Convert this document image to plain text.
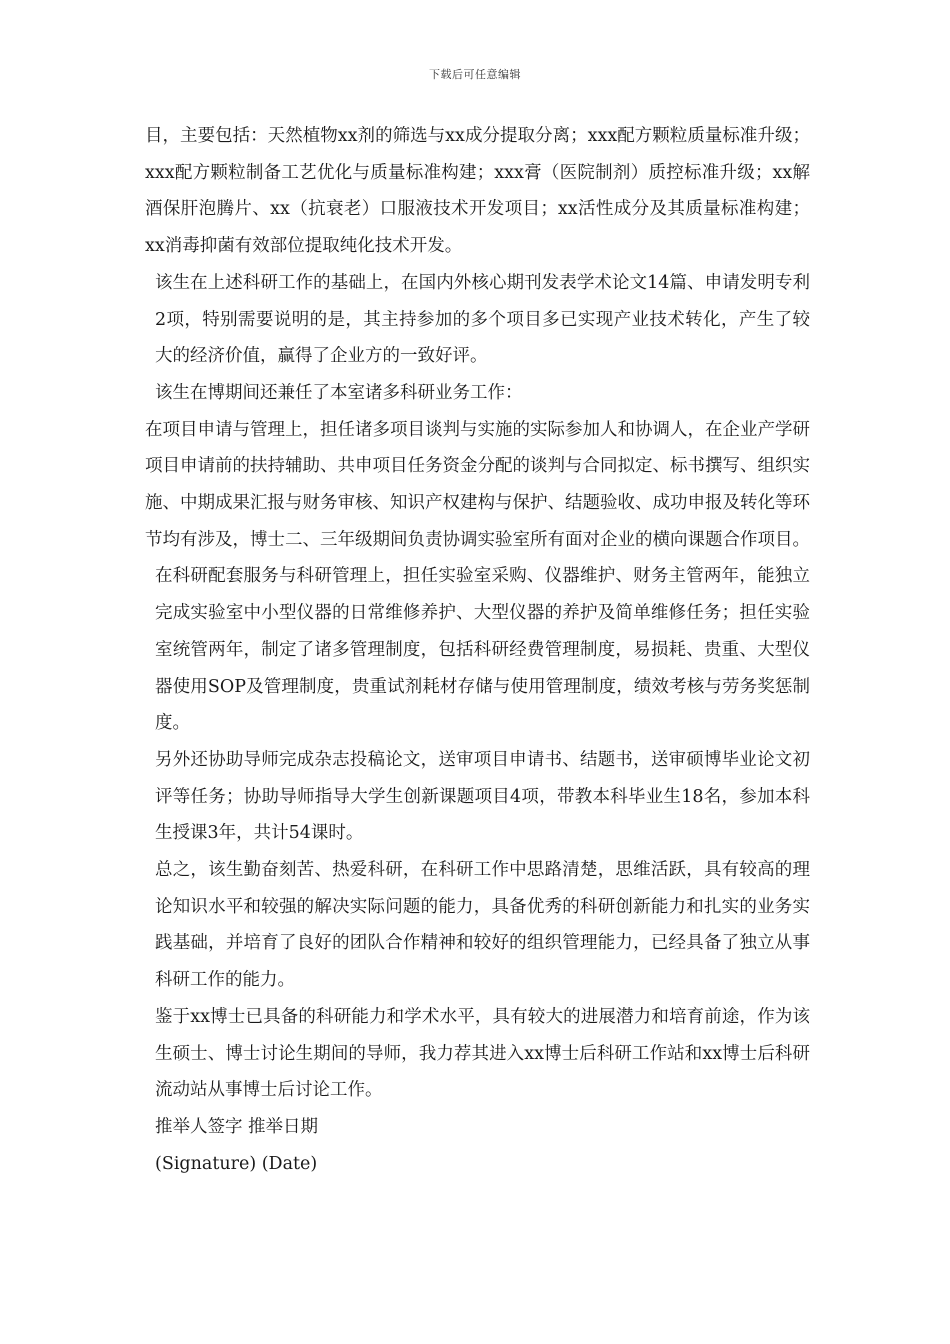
下载后可任意编辑

目，主要包括：天然植物xx剂的筛选与xx成分提取分离；xxx配方颗粒质量标准升级；xxx配方颗粒制备工艺优化与质量标准构建；xxx膏（医院制剂）质控标准升级；xx解酒保肝泡腾片、xx（抗衰老）口服液技术开发项目；xx活性成分及其质量标准构建；xx消毒抑菌有效部位提取纯化技术开发。

该生在上述科研工作的基础上，在国内外核心期刊发表学术论文14篇、申请发明专利2项，特别需要说明的是，其主持参加的多个项目多已实现产业技术转化，产生了较大的经济价值，赢得了企业方的一致好评。

该生在博期间还兼任了本室诸多科研业务工作：

在项目申请与管理上，担任诸多项目谈判与实施的实际参加人和协调人，在企业产学研项目申请前的扶持辅助、共申项目任务资金分配的谈判与合同拟定、标书撰写、组织实施、中期成果汇报与财务审核、知识产权建构与保护、结题验收、成功申报及转化等环节均有涉及，博士二、三年级期间负责协调实验室所有面对企业的横向课题合作项目。

在科研配套服务与科研管理上，担任实验室采购、仪器维护、财务主管两年，能独立完成实验室中小型仪器的日常维修养护、大型仪器的养护及简单维修任务；担任实验室统管两年，制定了诸多管理制度，包括科研经费管理制度，易损耗、贵重、大型仪器使用SOP及管理制度，贵重试剂耗材存储与使用管理制度，绩效考核与劳务奖惩制度。

另外还协助导师完成杂志投稿论文，送审项目申请书、结题书，送审硕博毕业论文初评等任务；协助导师指导大学生创新课题项目4项，带教本科毕业生18名，参加本科生授课3年，共计54课时。

总之，该生勤奋刻苦、热爱科研，在科研工作中思路清楚，思维活跃，具有较高的理论知识水平和较强的解决实际问题的能力，具备优秀的科研创新能力和扎实的业务实践基础，并培育了良好的团队合作精神和较好的组织管理能力，已经具备了独立从事科研工作的能力。

鉴于xx博士已具备的科研能力和学术水平，具有较大的进展潜力和培育前途，作为该生硕士、博士讨论生期间的导师，我力荐其进入xx博士后科研工作站和xx博士后科研流动站从事博士后讨论工作。

推举人签字 推举日期

(Signature) (Date)
